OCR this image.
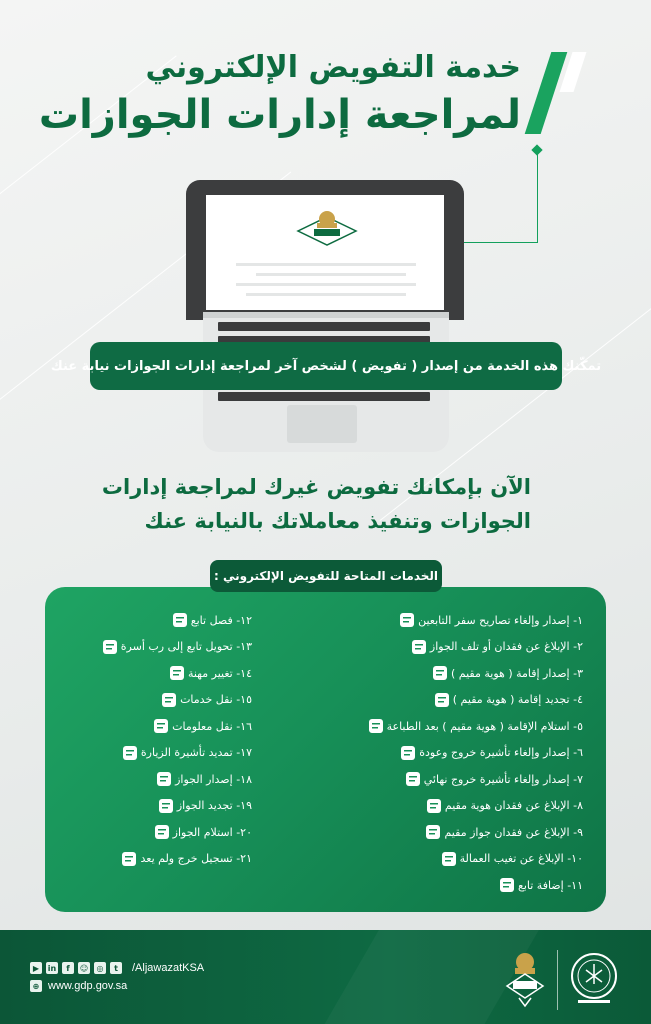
خدمة التفويض الإلكتروني
لمراجعة إدارات الجوازات
تمكّنك هذه الخدمة من إصدار ( تفويض ) لشخص آخر لمراجعة إدارات الجوازات نيابة عنك
الآن بإمكانك تفويض غيرك لمراجعة إدارات
الجوازات وتنفيذ معاملاتك بالنيابة عنك
الخدمات المتاحة للتفويض الإلكتروني :
١- إصدار وإلغاء تصاريح سفر التابعين
٢- الإبلاغ عن فقدان أو تلف الجواز
٣- إصدار إقامة ( هوية مقيم )
٤- تجديد إقامة ( هوية مقيم )
٥- استلام الإقامة ( هوية مقيم ) بعد الطباعة
٦- إصدار وإلغاء تأشيرة خروج وعودة
٧- إصدار وإلغاء تأشيرة خروج نهائي
٨- الإبلاغ عن فقدان هوية مقيم
٩- الإبلاغ عن فقدان جواز مقيم
١٠- الإبلاغ عن تغيب العمالة
١١- إضافة تابع
١٢- فصل تابع
١٣- تحويل تابع إلى رب أسرة
١٤- تغيير مهنة
١٥- نقل خدمات
١٦- نقل معلومات
١٧- تمديد تأشيرة الزيارة
١٨- إصدار الجواز
١٩- تجديد الجواز
٢٠- استلام الجواز
٢١- تسجيل خرج ولم يعد
▶	in	f	☺	◎	t	/AljawazatKSA
⊕ www.gdp.gov.sa
